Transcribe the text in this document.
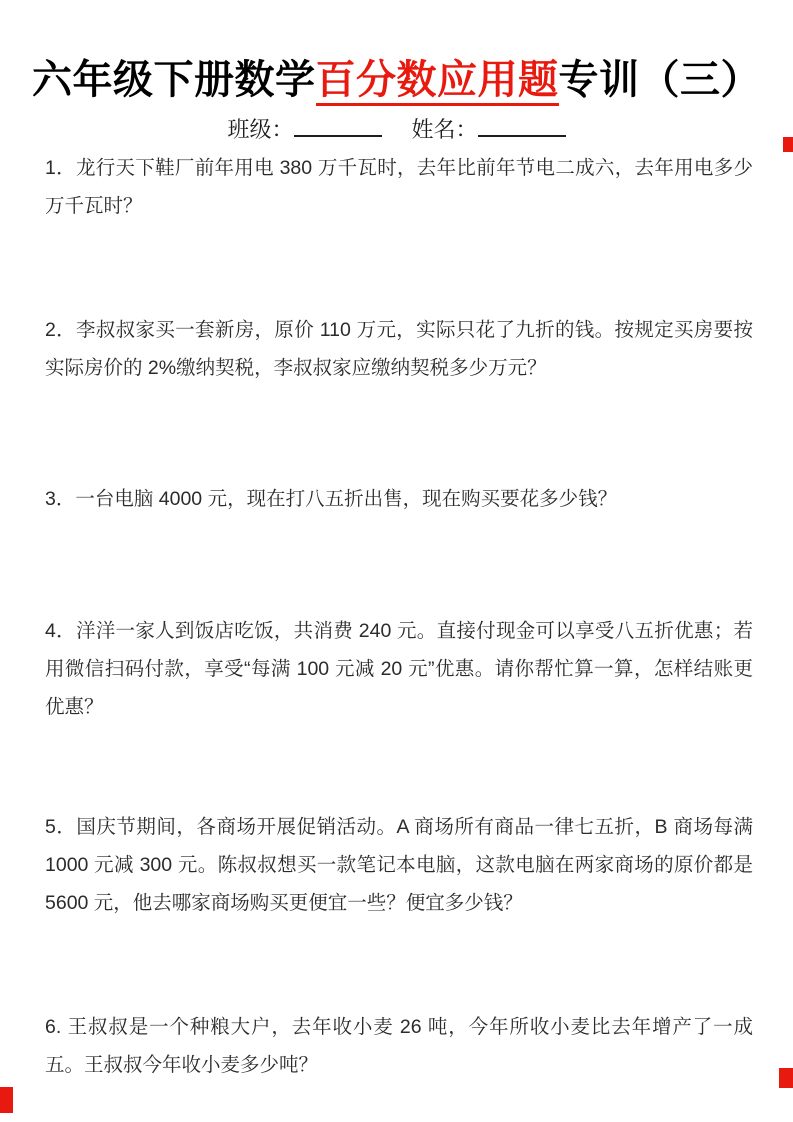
六年级下册数学百分数应用题专训（三）
班级：	姓名：

1．龙行天下鞋厂前年用电 380 万千瓦时，去年比前年节电二成六，去年用电多少万千瓦时？

2．李叔叔家买一套新房，原价 110 万元，实际只花了九折的钱。按规定买房要按实际房价的 2%缴纳契税，李叔叔家应缴纳契税多少万元？

3．一台电脑 4000 元，现在打八五折出售，现在购买要花多少钱？

4．洋洋一家人到饭店吃饭，共消费 240 元。直接付现金可以享受八五折优惠；若用微信扫码付款，享受“每满 100 元减 20 元”优惠。请你帮忙算一算，怎样结账更优惠？

5．国庆节期间，各商场开展促销活动。A 商场所有商品一律七五折，B 商场每满 1000 元减 300 元。陈叔叔想买一款笔记本电脑，这款电脑在两家商场的原价都是 5600 元，他去哪家商场购买更便宜一些？便宜多少钱？

6. 王叔叔是一个种粮大户，去年收小麦 26 吨，今年所收小麦比去年增产了一成五。王叔叔今年收小麦多少吨？
